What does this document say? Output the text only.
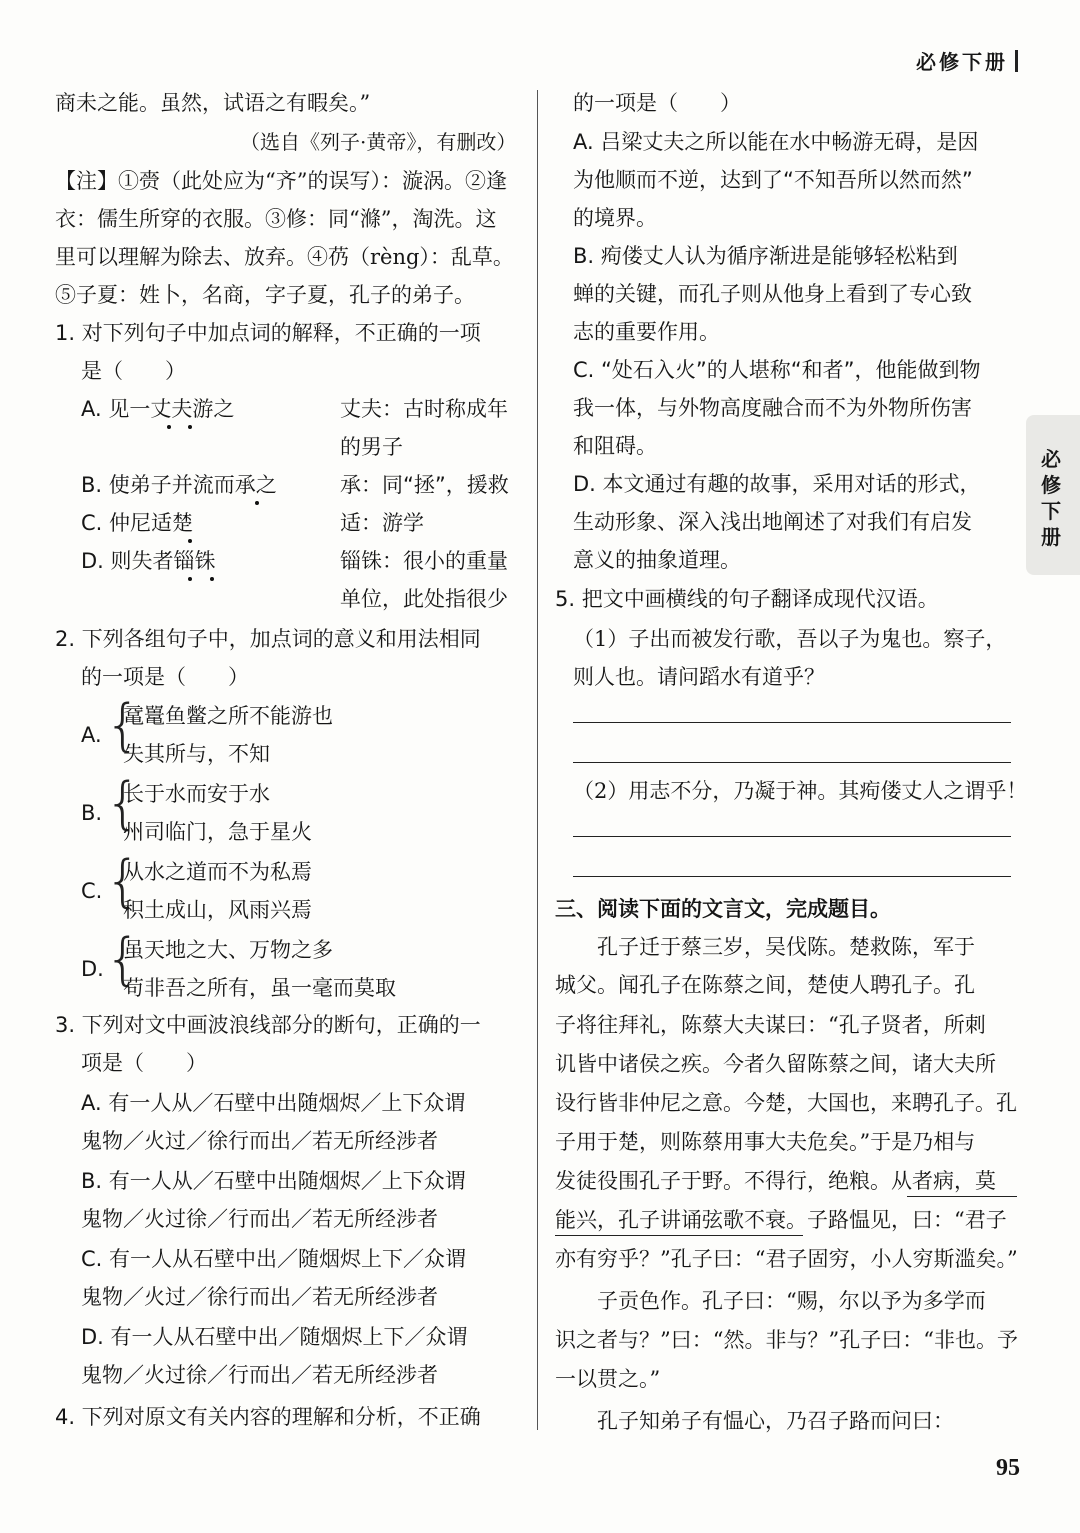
必修下册
商未之能。虽然，试语之有暇矣。”
（选自《列子·黄帝》，有删改）
【注】①赍（此处应为“齐”的误写）：漩涡。②逢
衣：儒生所穿的衣服。③修：同“滌”，淘洗。这
里可以理解为除去、放弃。④芿（rèng）：乱草。
⑤子夏：姓卜，名商，字子夏，孔子的弟子。
1. 对下列句子中加点词的解释，不正确的一项
是（　　）
A. 见一丈夫游之	丈夫：古时称成年
的男子
B. 使弟子并流而承之	承：同“拯”，援救
C. 仲尼适楚	适：游学
D. 则失者锱铢	锱铢：很小的重量
单位，此处指很少
2. 下列各组句子中，加点词的意义和用法相同
的一项是（　　）
A. {
鼋鼍鱼鳖之所不能游也
失其所与，不知
B. {
长于水而安于水
州司临门，急于星火
C. {
从水之道而不为私焉
积土成山，风雨兴焉
D. {
虽天地之大、万物之多
苟非吾之所有，虽一毫而莫取
3. 下列对文中画波浪线部分的断句，正确的一
项是（　　）
A. 有一人从／石壁中出随烟烬／上下众谓
鬼物／火过／徐行而出／若无所经涉者
B. 有一人从／石壁中出随烟烬／上下众谓
鬼物／火过徐／行而出／若无所经涉者
C. 有一人从石壁中出／随烟烬上下／众谓
鬼物／火过／徐行而出／若无所经涉者
D. 有一人从石壁中出／随烟烬上下／众谓
鬼物／火过徐／行而出／若无所经涉者
4. 下列对原文有关内容的理解和分析，不正确
的一项是（　　）
A. 吕梁丈夫之所以能在水中畅游无碍，是因
为他顺而不逆，达到了“不知吾所以然而然”
的境界。
B. 痀偻丈人认为循序渐进是能够轻松粘到
蝉的关键，而孔子则从他身上看到了专心致
志的重要作用。
C. “处石入火”的人堪称“和者”，他能做到物
我一体，与外物高度融合而不为外物所伤害
和阻碍。
D. 本文通过有趣的故事，采用对话的形式，
生动形象、深入浅出地阐述了对我们有启发
意义的抽象道理。
5. 把文中画横线的句子翻译成现代汉语。
（1）子出而被发行歌，吾以子为鬼也。察子，
则人也。请问蹈水有道乎？
（2）用志不分，乃凝于神。其痀偻丈人之谓乎！
三、阅读下面的文言文，完成题目。
孔子迁于蔡三岁，吴伐陈。楚救陈，军于
城父。闻孔子在陈蔡之间，楚使人聘孔子。孔
子将往拜礼，陈蔡大夫谋曰：“孔子贤者，所刺
讥皆中诸侯之疾。今者久留陈蔡之间，诸大夫所
设行皆非仲尼之意。今楚，大国也，来聘孔子。孔
子用于楚，则陈蔡用事大夫危矣。”于是乃相与
发徒役围孔子于野。不得行，绝粮。从者病，莫
能兴，孔子讲诵弦歌不衰。子路愠见，曰：“君子
亦有穷乎？”孔子曰：“君子固穷，小人穷斯滥矣。”
子贡色作。孔子曰：“赐，尔以予为多学而
识之者与？”曰：“然。非与？”孔子曰：“非也。予
一以贯之。”
孔子知弟子有愠心，乃召子路而问曰：
必
修
下
册
95
